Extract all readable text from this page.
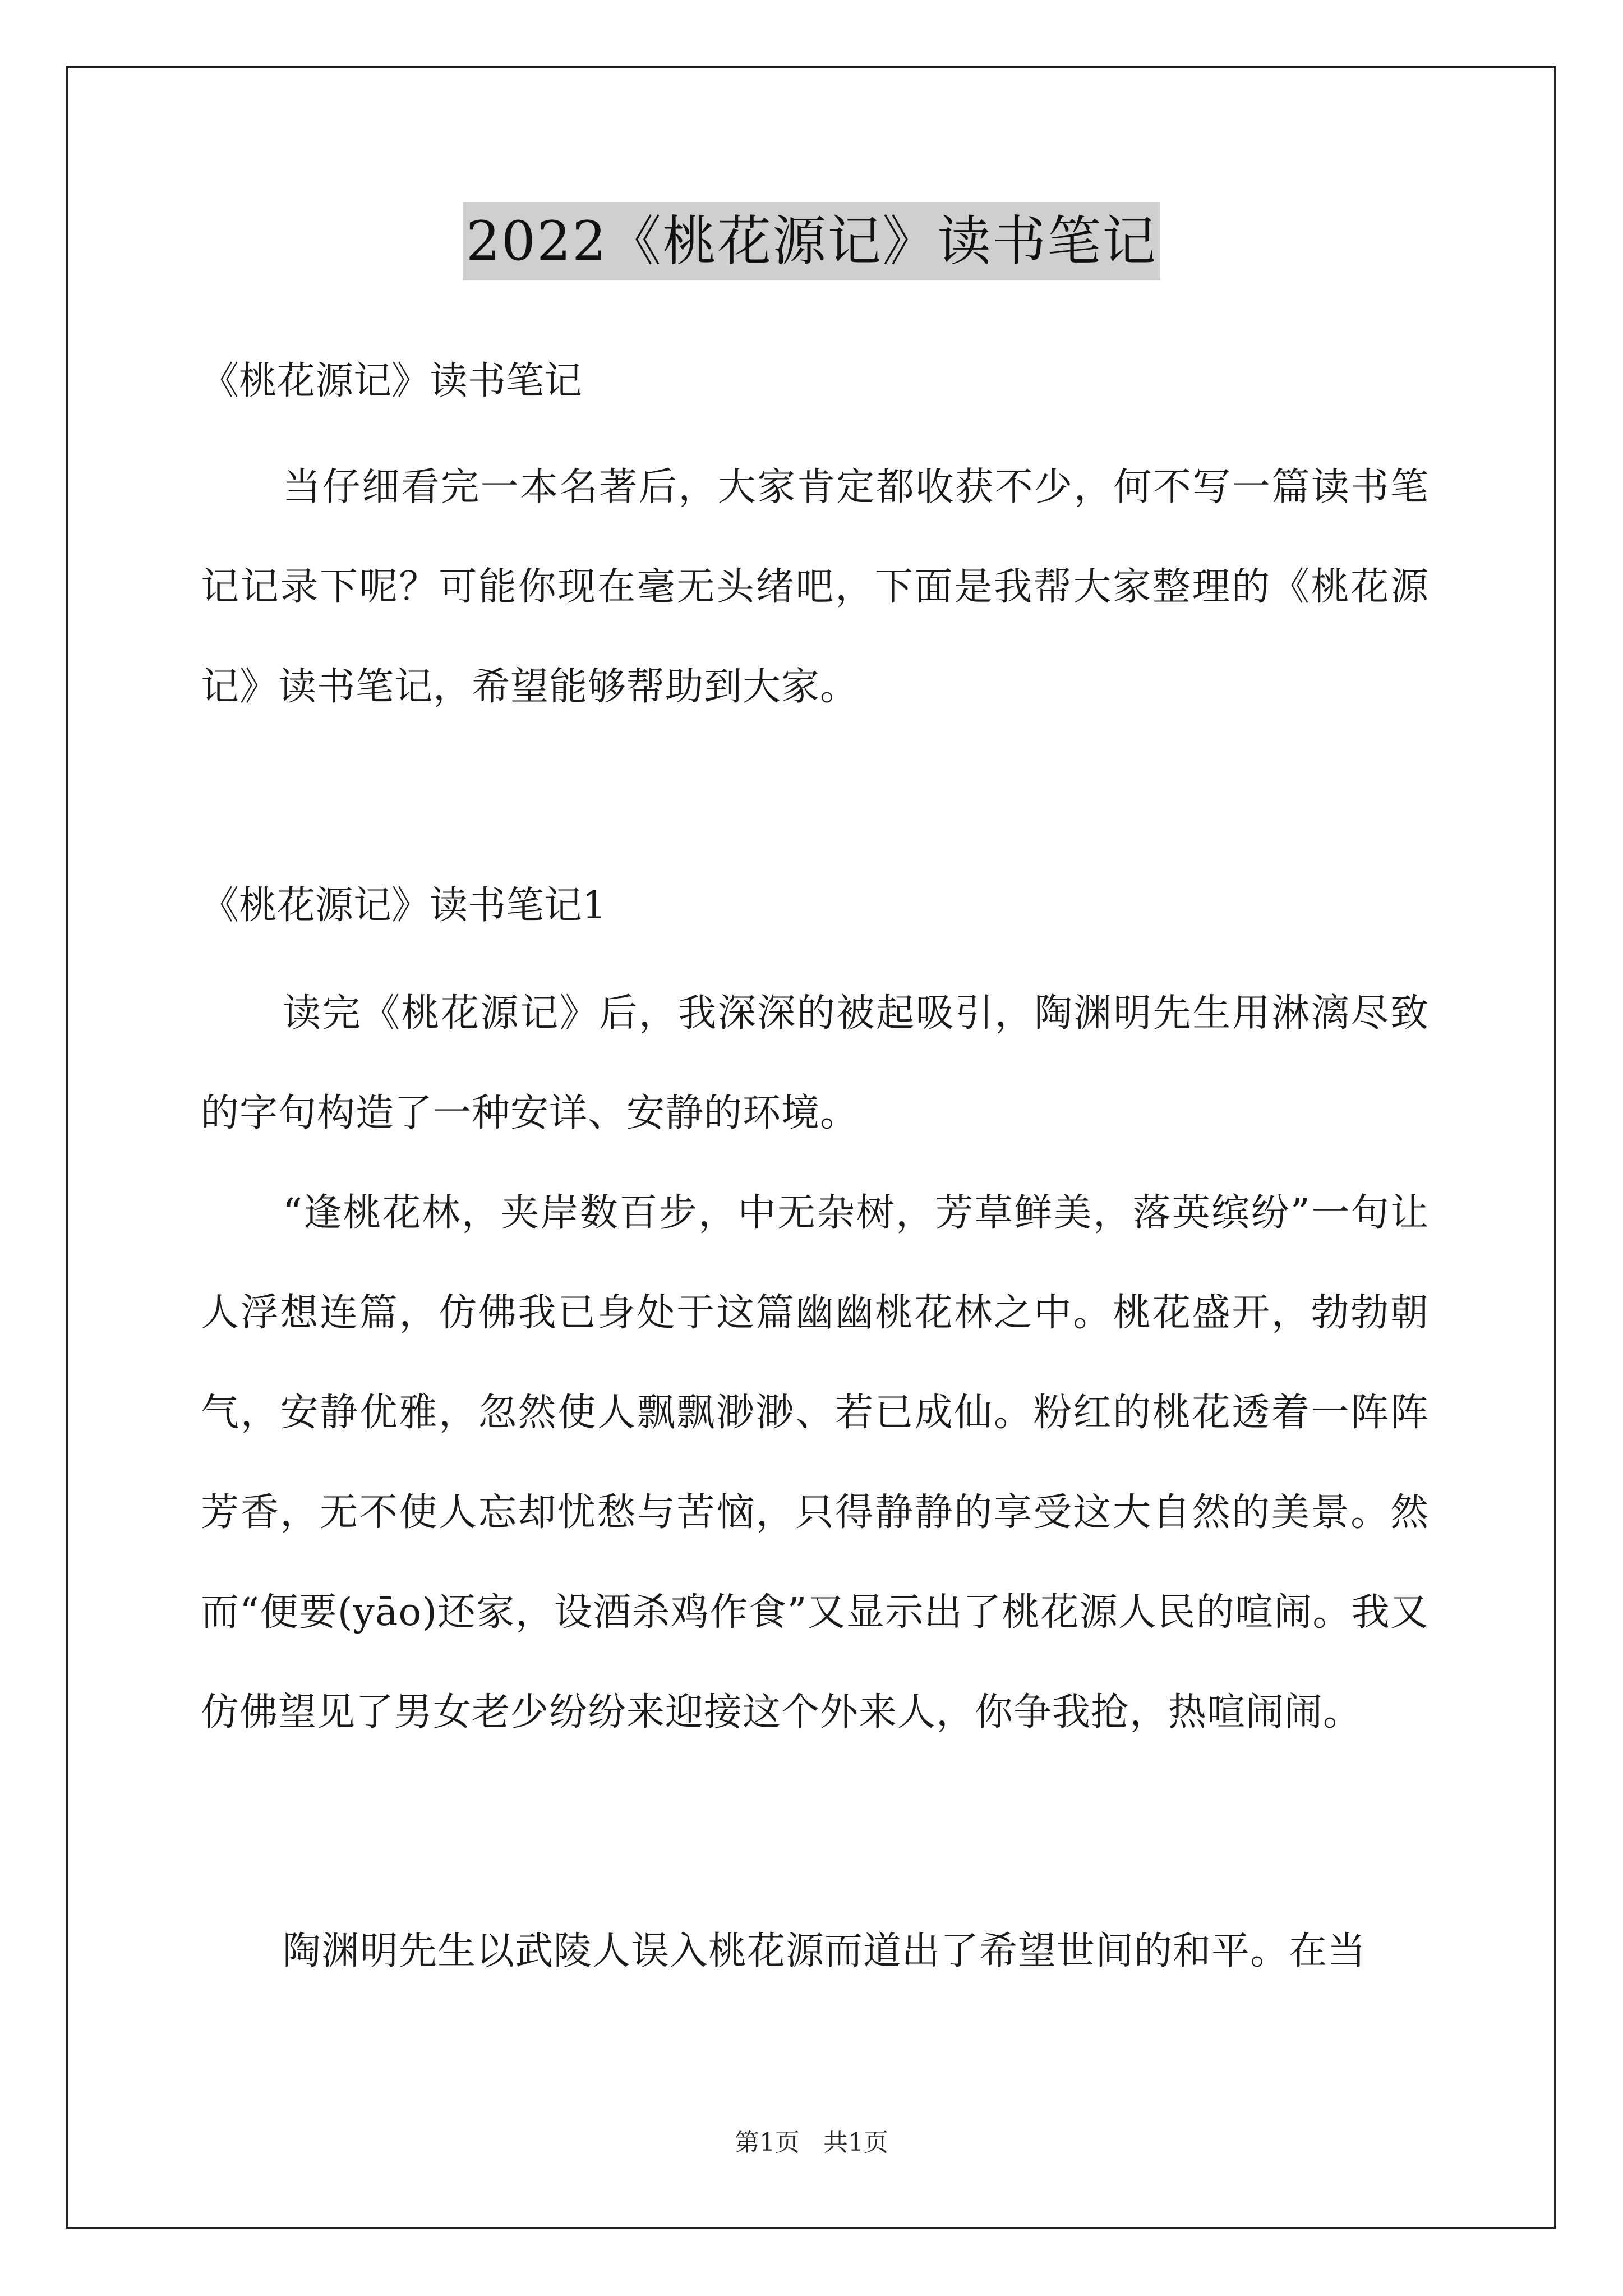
2022《桃花源记》读书笔记
《桃花源记》读书笔记
当仔细看完一本名著后，大家肯定都收获不少，何不写一篇读书笔记记录下呢？可能你现在毫无头绪吧，下面是我帮大家整理的《桃花源记》读书笔记，希望能够帮助到大家。
《桃花源记》读书笔记1
读完《桃花源记》后，我深深的被起吸引，陶渊明先生用淋漓尽致的字句构造了一种安详、安静的环境。
“逢桃花林，夹岸数百步，中无杂树，芳草鲜美，落英缤纷”一句让人浮想连篇，仿佛我已身处于这篇幽幽桃花林之中。桃花盛开，勃勃朝气，安静优雅，忽然使人飘飘渺渺、若已成仙。粉红的桃花透着一阵阵芳香，无不使人忘却忧愁与苦恼，只得静静的享受这大自然的美景。然而“便要(yāo)还家，设酒杀鸡作食”又显示出了桃花源人民的喧闹。我又仿佛望见了男女老少纷纷来迎接这个外来人，你争我抢，热喧闹闹。
陶渊明先生以武陵人误入桃花源而道出了希望世间的和平。在当
第1页 共1页
